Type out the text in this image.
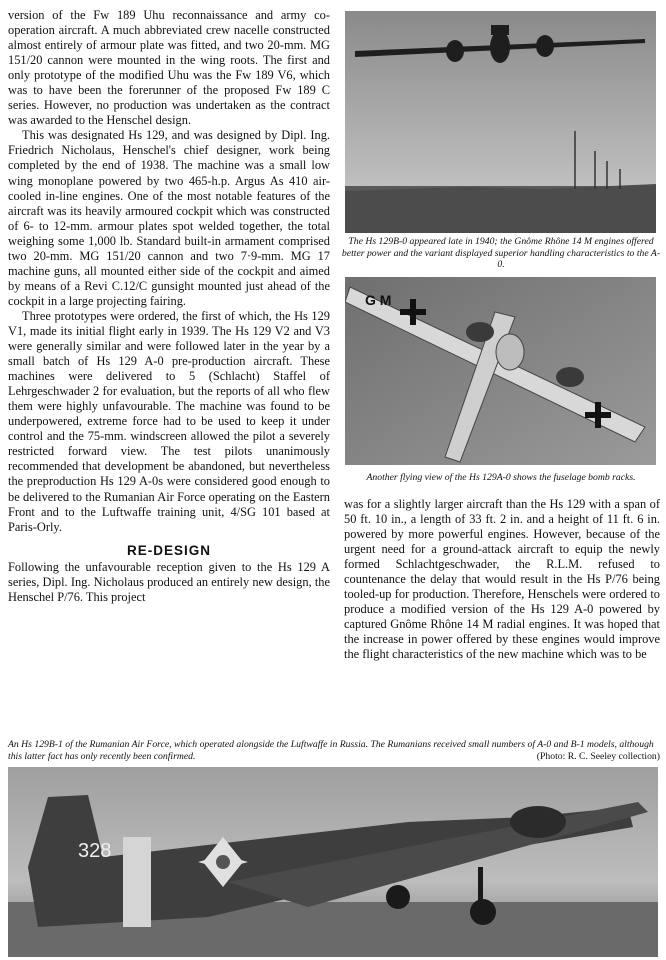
version of the Fw 189 Uhu reconnaissance and army co-operation aircraft. A much abbreviated crew nacelle constructed almost entirely of armour plate was fitted, and two 20-mm. MG 151/20 cannon were mounted in the wing roots. The first and only prototype of the modified Uhu was the Fw 189 V6, which was to have been the forerunner of the proposed Fw 189 C series. However, no production was undertaken as the contract was awarded to the Henschel design.

This was designated Hs 129, and was designed by Dipl. Ing. Friedrich Nicholaus, Henschel's chief designer, work being completed by the end of 1938. The machine was a small low wing monoplane powered by two 465-h.p. Argus As 410 air-cooled in-line engines. One of the most notable features of the aircraft was its heavily armoured cockpit which was constructed of 6- to 12-mm. armour plates spot welded together, the total weighing some 1,000 lb. Standard built-in armament comprised two 20-mm. MG 151/20 cannon and two 7·9-mm. MG 17 machine guns, all mounted either side of the cockpit and aimed by means of a Revi C.12/C gunsight mounted just ahead of the cockpit in a large projecting fairing.

Three prototypes were ordered, the first of which, the Hs 129 V1, made its initial flight early in 1939. The Hs 129 V2 and V3 were generally similar and were followed later in the year by a small batch of Hs 129 A-0 pre-production aircraft. These machines were delivered to 5 (Schlacht) Staffel of Lehrgeschwader 2 for evaluation, but the reports of all who flew them were highly unfavourable. The machine was found to be underpowered, extreme force had to be used to keep it under control and the 75-mm. windscreen allowed the pilot a severely restricted forward view. The test pilots unanimously recommended that development be abandoned, but nevertheless the preproduction Hs 129 A-0s were considered good enough to be delivered to the Rumanian Air Force operating on the Eastern Front and to the Luftwaffe training unit, 4/SG 101 based at Paris-Orly.

RE-DESIGN

Following the unfavourable reception given to the Hs 129 A series, Dipl. Ing. Nicholaus produced an entirely new design, the Henschel P/76. This project

The Hs 129B-0 appeared late in 1940; the Gnôme Rhône 14 M engines offered better power and the variant displayed superior handling characteristics to the A-0.
G M
Another flying view of the Hs 129A-0 shows the fuselage bomb racks.

was for a slightly larger aircraft than the Hs 129 with a span of 50 ft. 10 in., a length of 33 ft. 2 in. and a height of 11 ft. 6 in. powered by more powerful engines. However, because of the urgent need for a ground-attack aircraft to equip the newly formed Schlachtgeschwader, the R.L.M. refused to countenance the delay that would result in the Hs P/76 being tooled-up for production. Therefore, Henschels were ordered to produce a modified version of the Hs 129 A-0 powered by captured Gnôme Rhône 14 M radial engines. It was hoped that the increase in power offered by these engines would improve the flight characteristics of the new machine which was to be

An Hs 129B-1 of the Rumanian Air Force, which operated alongside the Luftwaffe in Russia. The Rumanians received small numbers of A-0 and B-1 models, although this latter fact has only recently been confirmed.	(Photo: R. C. Seeley collection)
328
